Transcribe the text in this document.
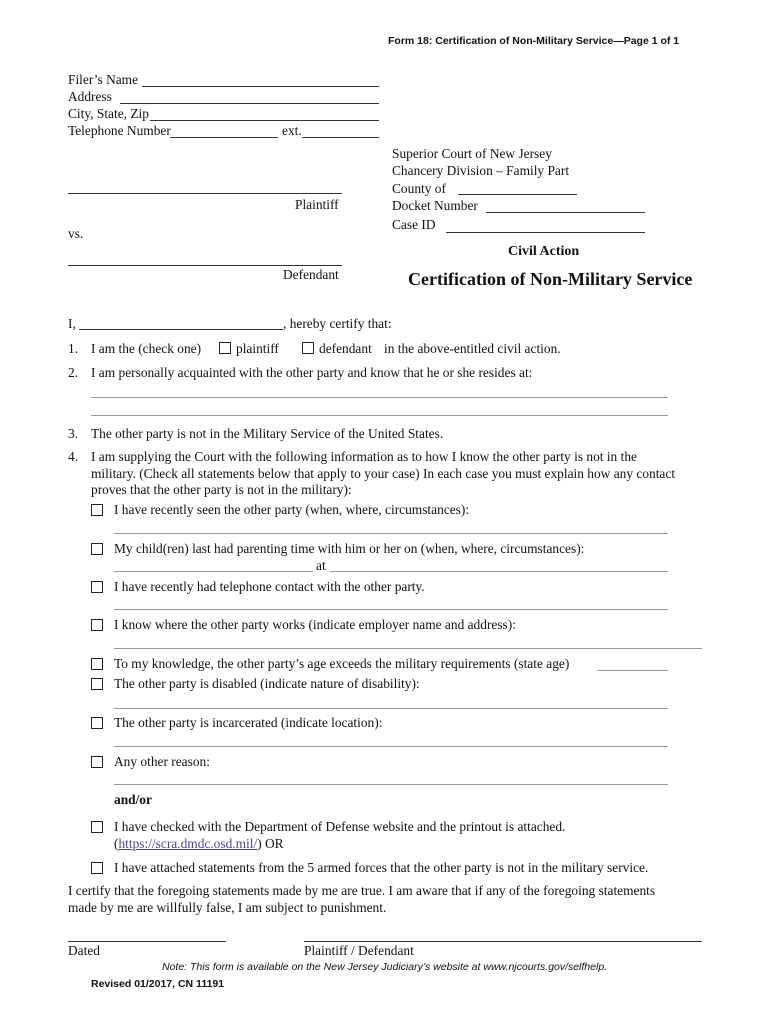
Form 18: Certification of Non-Military Service—Page 1 of 1
Filer’s Name
Address
City, State, Zip
Telephone Number	ext.
Superior Court of New Jersey
Chancery Division – Family Part
County of
Docket Number
Case ID
Plaintiff
vs.
Defendant
Civil Action
Certification of Non-Military Service
I,	, hereby certify that:
1. I am the (check one)	plaintiff	defendant in the above-entitled civil action.
2. I am personally acquainted with the other party and know that he or she resides at:
3. The other party is not in the Military Service of the United States.
4. I am supplying the Court with the following information as to how I know the other party is not in the
military. (Check all statements below that apply to your case) In each case you must explain how any contact
proves that the other party is not in the military):
I have recently seen the other party (when, where, circumstances):
My child(ren) last had parenting time with him or her on (when, where, circumstances):
at
I have recently had telephone contact with the other party.
I know where the other party works (indicate employer name and address):
To my knowledge, the other party’s age exceeds the military requirements (state age)
The other party is disabled (indicate nature of disability):
The other party is incarcerated (indicate location):
Any other reason:
and/or
I have checked with the Department of Defense website and the printout is attached.
(https://scra.dmdc.osd.mil/) OR
I have attached statements from the 5 armed forces that the other party is not in the military service.
I certify that the foregoing statements made by me are true. I am aware that if any of the foregoing statements
made by me are willfully false, I am subject to punishment.
Dated	Plaintiff / Defendant
Note: This form is available on the New Jersey Judiciary’s website at www.njcourts.gov/selfhelp.
Revised 01/2017, CN 11191
